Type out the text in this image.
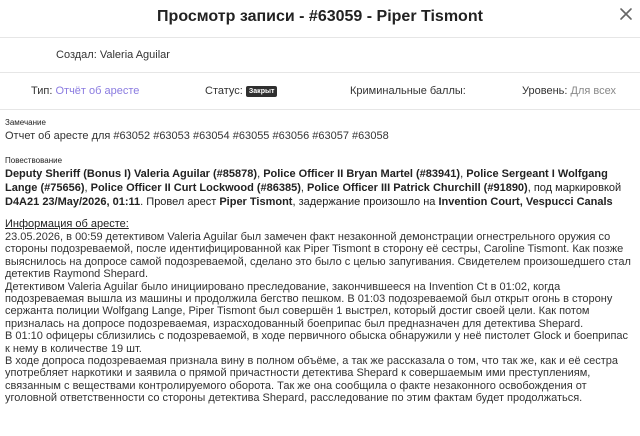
Просмотр записи - #63059 - Piper Tismont
Создал: Valeria Aguilar
Тип: Отчёт об аресте	Статус: Закрыт	Криминальные баллы:	Уровень: Для всех
Замечание
Отчет об аресте для #63052 #63053 #63054 #63055 #63056 #63057 #63058
Повествование
Deputy Sheriff (Bonus I) Valeria Aguilar (#85878), Police Officer II Bryan Martel (#83941), Police Sergeant I Wolfgang Lange (#75656), Police Officer II Curt Lockwood (#86385), Police Officer III Patrick Churchill (#91890), под маркировкой D4A21 23/May/2026, 01:11. Провел арест Piper Tismont, задержание произошло на Invention Court, Vespucci Canals
Информация об аресте:

23.05.2026, в 00:59 детективом Valeria Aguilar был замечен факт незаконной демонстрации огнестрельного оружия со стороны подозреваемой, после идентифицированной как Piper Tismont в сторону её сестры, Caroline Tismont. Как позже выяснилось на допросе самой подозреваемой, сделано это было с целью запугивания. Свидетелем произошедшего стал детектив Raymond Shepard.

Детективом Valeria Aguilar было инициировано преследование, закончившееся на Invention Ct в 01:02, когда подозреваемая вышла из машины и продолжила бегство пешком. В 01:03 подозреваемой был открыт огонь в сторону сержанта полиции Wolfgang Lange, Piper Tismont был совершён 1 выстрел, который достиг своей цели. Как потом призналась на допросе подозреваемая, израсходованный боеприпас был предназначен для детектива Shepard.

В 01:10 офицеры сблизились с подозреваемой, в ходе первичного обыска обнаружили у неё пистолет Glock и боеприпас к нему в количестве 19 шт.

В ходе допроса подозреваемая признала вину в полном объёме, а так же рассказала о том, что так же, как и её сестра употребляет наркотики и заявила о прямой причастности детектива Shepard к совершаемым ими преступлениям, связанным с веществами контролируемого оборота. Так же она сообщила о факте незаконного освобождения от уголовной ответственности со стороны детектива Shepard, расследование по этим фактам будет продолжаться.
